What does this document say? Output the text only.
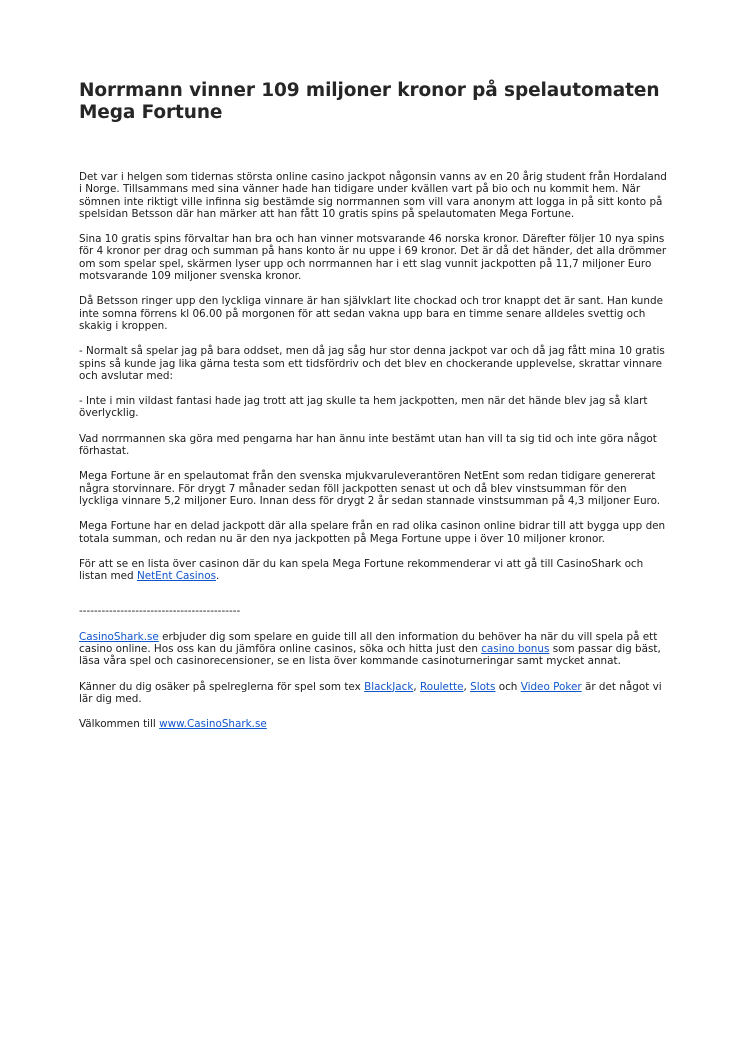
Norrmann vinner 109 miljoner kronor på spelautomaten Mega Fortune

Det var i helgen som tidernas största online casino jackpot någonsin vanns av en 20 årig student från Hordaland i Norge. Tillsammans med sina vänner hade han tidigare under kvällen vart på bio och nu kommit hem. När sömnen inte riktigt ville infinna sig bestämde sig norrmannen som vill vara anonym att logga in på sitt konto på spelsidan Betsson där han märker att han fått 10 gratis spins på spelautomaten Mega Fortune.

Sina 10 gratis spins förvaltar han bra och han vinner motsvarande 46 norska kronor. Därefter följer 10 nya spins för 4 kronor per drag och summan på hans konto är nu uppe i 69 kronor. Det är då det händer, det alla drömmer om som spelar spel, skärmen lyser upp och norrmannen har i ett slag vunnit jackpotten på 11,7 miljoner Euro motsvarande 109 miljoner svenska kronor.

Då Betsson ringer upp den lyckliga vinnare är han självklart lite chockad och tror knappt det är sant. Han kunde inte somna förrens kl 06.00 på morgonen för att sedan vakna upp bara en timme senare alldeles svettig och skakig i kroppen.

- Normalt så spelar jag på bara oddset, men då jag såg hur stor denna jackpot var och då jag fått mina 10 gratis spins så kunde jag lika gärna testa som ett tidsfördriv och det blev en chockerande upplevelse, skrattar vinnare och avslutar med:

- Inte i min vildast fantasi hade jag trott att jag skulle ta hem jackpotten, men när det hände blev jag så klart överlycklig.

Vad norrmannen ska göra med pengarna har han ännu inte bestämt utan han vill ta sig tid och inte göra något förhastat.

Mega Fortune är en spelautomat från den svenska mjukvaruleverantören NetEnt som redan tidigare genererat några storvinnare. För drygt 7 månader sedan föll jackpotten senast ut och då blev vinstsumman för den lyckliga vinnare 5,2 miljoner Euro. Innan dess för drygt 2 år sedan stannade vinstsumman på 4,3 miljoner Euro.

Mega Fortune har en delad jackpott där alla spelare från en rad olika casinon online bidrar till att bygga upp den totala summan, och redan nu är den nya jackpotten på Mega Fortune uppe i över 10 miljoner kronor.

För att se en lista över casinon där du kan spela Mega Fortune rekommenderar vi att gå till CasinoShark och listan med NetEnt Casinos.

-------------------------------------------

CasinoShark.se erbjuder dig som spelare en guide till all den information du behöver ha när du vill spela på ett casino online. Hos oss kan du jämföra online casinos, söka och hitta just den casino bonus som passar dig bäst, läsa våra spel och casinorecensioner, se en lista över kommande casinoturneringar samt mycket annat.

Känner du dig osäker på spelreglerna för spel som tex BlackJack, Roulette, Slots och Video Poker är det något vi lär dig med.

Välkommen till www.CasinoShark.se
